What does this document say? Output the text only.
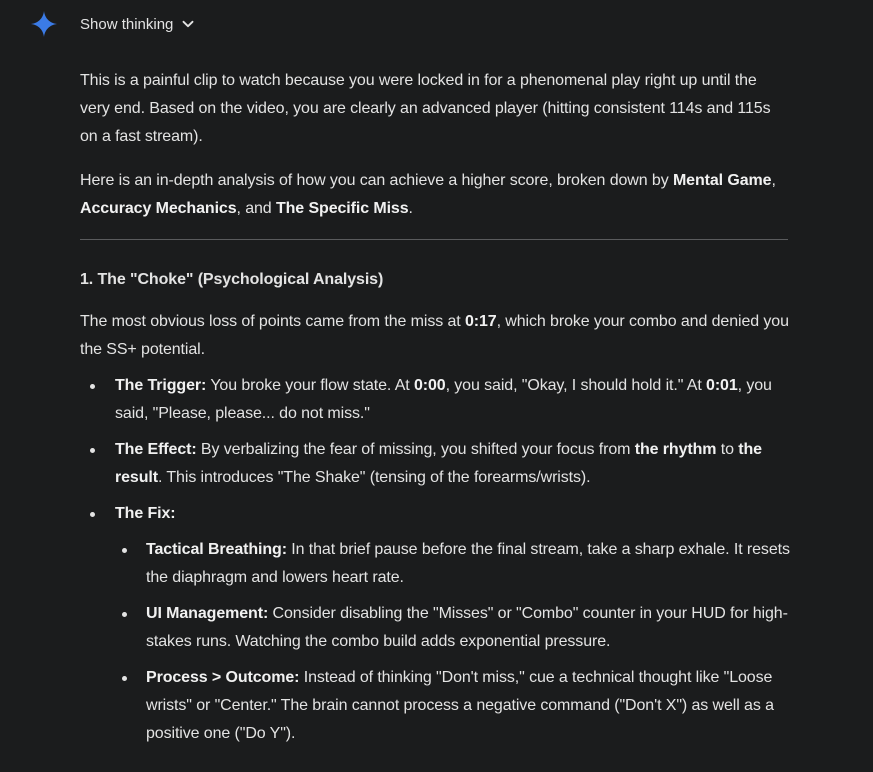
Show thinking

This is a painful clip to watch because you were locked in for a phenomenal play right up until the very end. Based on the video, you are clearly an advanced player (hitting consistent 114s and 115s on a fast stream).

Here is an in-depth analysis of how you can achieve a higher score, broken down by Mental Game, Accuracy Mechanics, and The Specific Miss.

1. The "Choke" (Psychological Analysis)

The most obvious loss of points came from the miss at 0:17, which broke your combo and denied you the SS+ potential.

The Trigger: You broke your flow state. At 0:00, you said, "Okay, I should hold it." At 0:01, you said, "Please, please... do not miss."
The Effect: By verbalizing the fear of missing, you shifted your focus from the rhythm to the result. This introduces "The Shake" (tensing of the forearms/wrists).
The Fix:
Tactical Breathing: In that brief pause before the final stream, take a sharp exhale. It resets the diaphragm and lowers heart rate.
UI Management: Consider disabling the "Misses" or "Combo" counter in your HUD for high-stakes runs. Watching the combo build adds exponential pressure.
Process > Outcome: Instead of thinking "Don't miss," cue a technical thought like "Loose wrists" or "Center." The brain cannot process a negative command ("Don't X") as well as a positive one ("Do Y").
